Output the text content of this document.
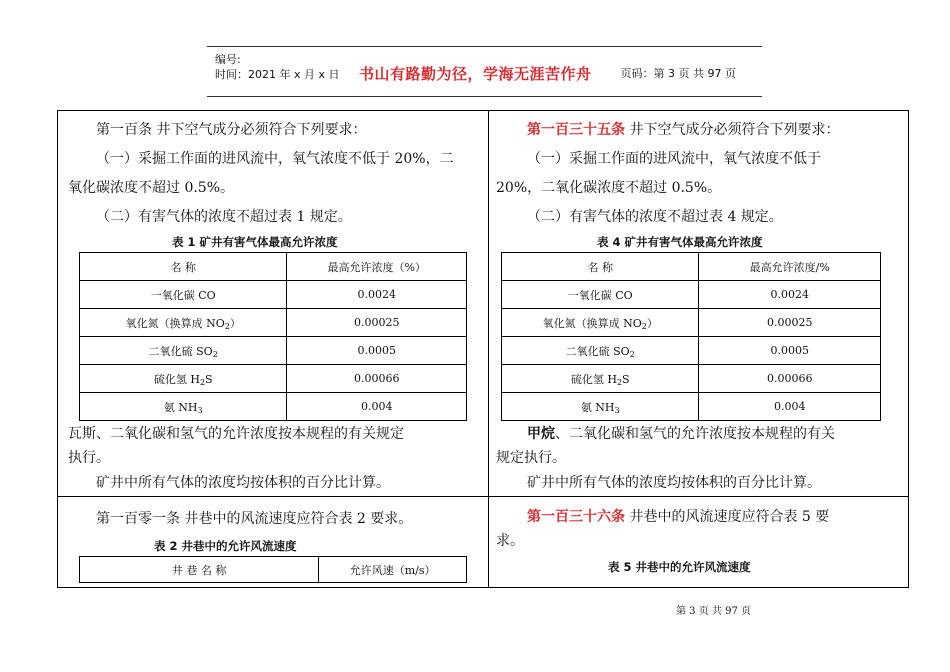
编号:
时间：2021 年 x 月 x 日 书山有路勤为径，学海无涯苦作舟	页码：第 3 页 共 97 页
第一百条 井下空气成分必须符合下列要求：
（一）采掘工作面的进风流中，氧气浓度不低于 20%，二
氧化碳浓度不超过 0.5%。
（二）有害气体的浓度不超过表 1 规定。
表 1 矿井有害气体最高允许浓度
名 称	最高允许浓度（%）
一氧化碳 CO	0.0024
氧化氮（换算成 $NO_2$）	0.00025
二氧化硫 $SO_2$	0.0005
硫化氢 $H_2S$	0.00066
氨 $NH_3$	0.004
瓦斯、二氧化碳和氢气的允许浓度按本规程的有关规定
执行。
矿井中所有气体的浓度均按体积的百分比计算。
第一百零一条 井巷中的风流速度应符合表 2 要求。
表 2 井巷中的允许风流速度
井 巷 名 称	允许风速（m/s）
第一百三十五条 井下空气成分必须符合下列要求：
（一）采掘工作面的进风流中，氧气浓度不低于
20%，二氧化碳浓度不超过 0.5%。
（二）有害气体的浓度不超过表 4 规定。
表 4 矿井有害气体最高允许浓度
名 称	最高允许浓度/%
一氧化碳 CO	0.0024
氧化氮（换算成 $NO_2$）	0.00025
二氧化硫 $SO_2$	0.0005
硫化氢 $H_2S$	0.00066
氨 $NH_3$	0.004
甲烷、二氧化碳和氢气的允许浓度按本规程的有关
规定执行。
矿井中所有气体的浓度均按体积的百分比计算。
第一百三十六条 井巷中的风流速度应符合表 5 要
求。
表 5 井巷中的允许风流速度
第 3 页 共 97 页
